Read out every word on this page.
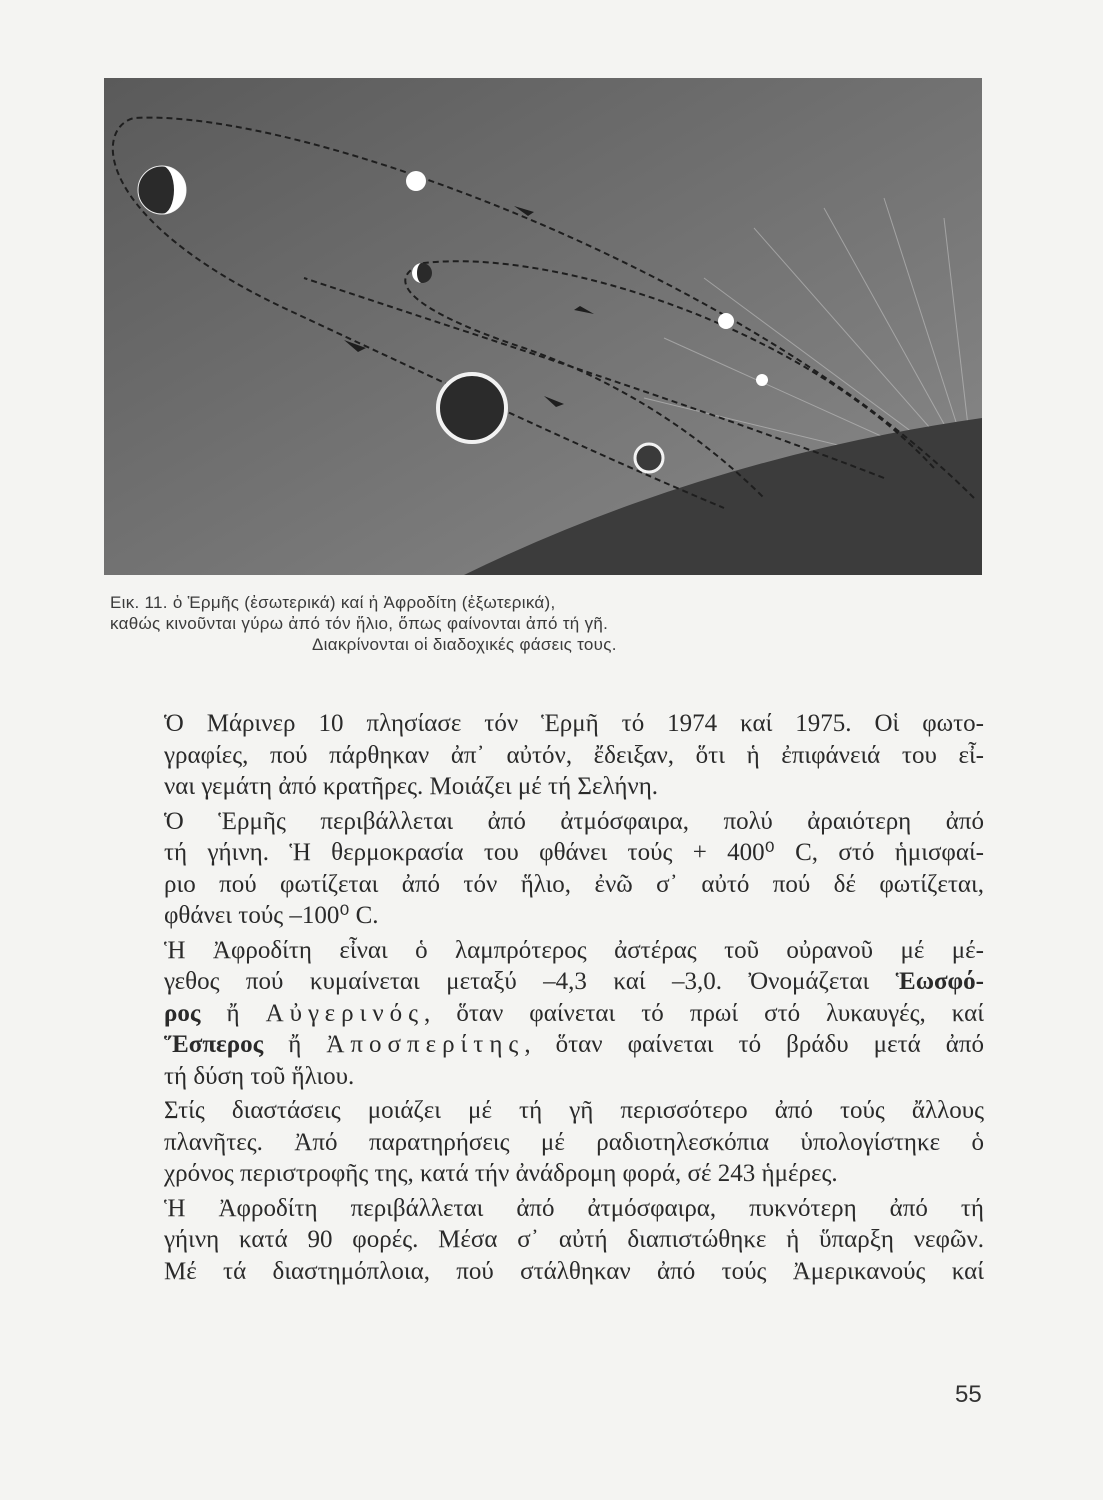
Εικ. 11. ὁ Ἑρμῆς (ἐσωτερικά) καί ἡ Ἀφροδίτη (ἐξωτερικά),
καθώς κινοῦνται γύρω ἀπό τόν ἥλιο, ὅπως φαίνονται ἀπό τή γῆ.
Διακρίνονται οἱ διαδοχικές φάσεις τους.
Ὁ Μάρινερ 10 πλησίασε τόν Ἑρμῆ τό 1974 καί 1975. Οἱ φωτο-
γραφίες, πού πάρθηκαν ἀπ᾽ αὐτόν, ἔδειξαν, ὅτι ἡ ἐπιφάνειά του εἶ-
ναι γεμάτη ἀπό κρατῆρες. Μοιάζει μέ τή Σελήνη.
Ὁ Ἑρμῆς περιβάλλεται ἀπό ἀτμόσφαιρα, πολύ ἀραιότερη ἀπό
τή γήινη. Ἡ θερμοκρασία του φθάνει τούς + 400⁰ C, στό ἡμισφαί-
ριο πού φωτίζεται ἀπό τόν ἥλιο, ἐνῶ σ᾽ αὐτό πού δέ φωτίζεται,
φθάνει τούς –100⁰ C.
Ἡ Ἀφροδίτη εἶναι ὁ λαμπρότερος ἀστέρας τοῦ οὐρανοῦ μέ μέ-
γεθος πού κυμαίνεται μεταξύ –4,3 καί –3,0. Ὀνομάζεται Ἑωσφό-
ρος ἤ Αὐγερινός, ὅταν φαίνεται τό πρωί στό λυκαυγές, καί
Ἕσπερος ἤ Ἀποσπερίτης, ὅταν φαίνεται τό βράδυ μετά ἀπό
τή δύση τοῦ ἥλιου.
Στίς διαστάσεις μοιάζει μέ τή γῆ περισσότερο ἀπό τούς ἄλλους
πλανῆτες. Ἀπό παρατηρήσεις μέ ραδιοτηλεσκόπια ὑπολογίστηκε ὁ
χρόνος περιστροφῆς της, κατά τήν ἀνάδρομη φορά, σέ 243 ἡμέρες.
Ἡ Ἀφροδίτη περιβάλλεται ἀπό ἀτμόσφαιρα, πυκνότερη ἀπό τή
γήινη κατά 90 φορές. Μέσα σ᾽ αὐτή διαπιστώθηκε ἡ ὕπαρξη νεφῶν.
Μέ τά διαστημόπλοια, πού στάλθηκαν ἀπό τούς Ἀμερικανούς καί
55
